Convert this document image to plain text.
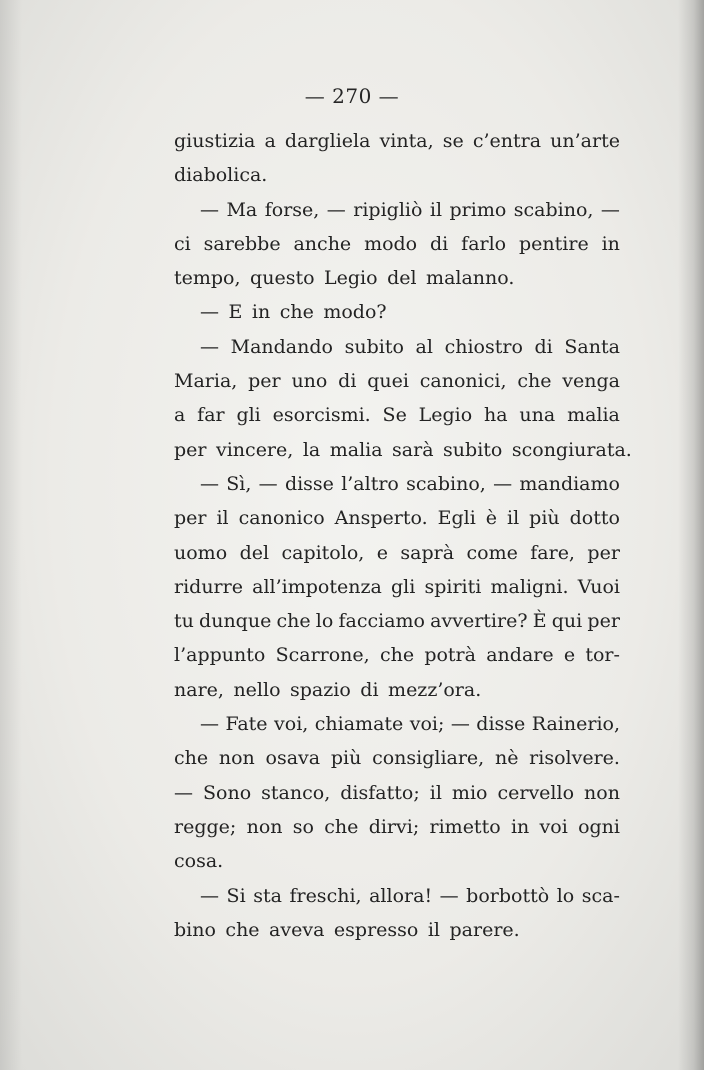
— 270 —
giustizia a dargliela vinta, se c’entra un’arte
diabolica.
— Ma forse, — ripigliò il primo scabino, —
ci sarebbe anche modo di farlo pentire in
tempo, questo Legio del malanno.
— E in che modo?
— Mandando subito al chiostro di Santa
Maria, per uno di quei canonici, che venga
a far gli esorcismi. Se Legio ha una malia
per vincere, la malia sarà subito scongiurata.
— Sì, — disse l’altro scabino, — mandiamo
per il canonico Ansperto. Egli è il più dotto
uomo del capitolo, e saprà come fare, per
ridurre all’impotenza gli spiriti maligni. Vuoi
tu dunque che lo facciamo avvertire? È qui per
l’appunto Scarrone, che potrà andare e tor-
nare, nello spazio di mezz’ora.
— Fate voi, chiamate voi; — disse Rainerio,
che non osava più consigliare, nè risolvere.
— Sono stanco, disfatto; il mio cervello non
regge; non so che dirvi; rimetto in voi ogni
cosa.
— Si sta freschi, allora! — borbottò lo sca-
bino che aveva espresso il parere.
